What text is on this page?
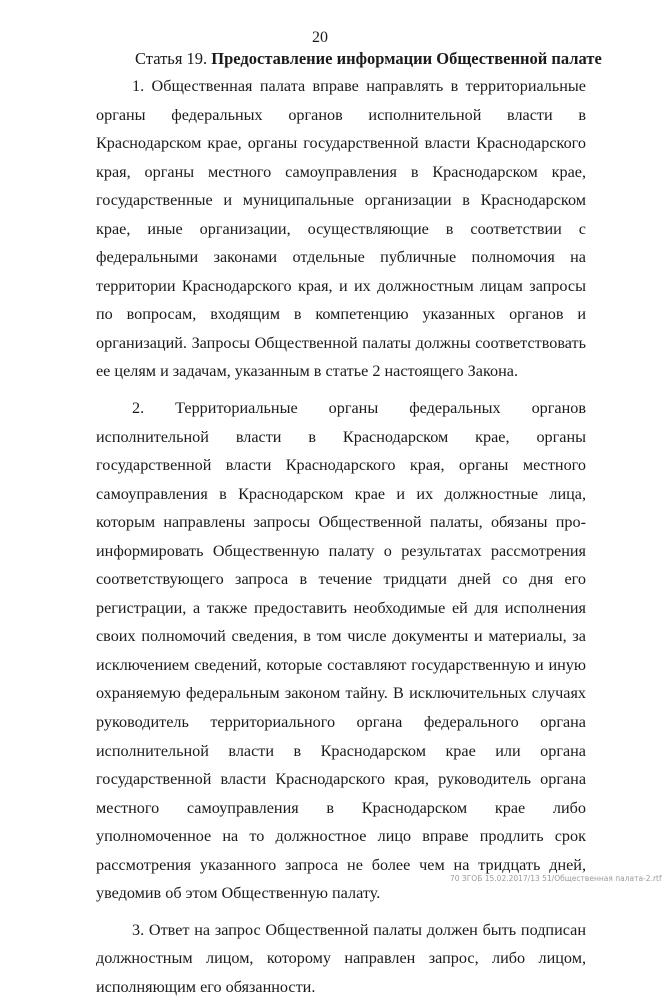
20
Статья 19. Предоставление информации Общественной палате

1. Общественная палата вправе направлять в территориальные органы федеральных органов исполнительной власти в Краснодарском крае, органы государственной власти Краснодарского края, органы местного самоуправления в Краснодарском крае, государственные и муниципальные организации в Краснодарском крае, иные организации, осуществляющие в соответствии с федеральными законами отдельные публичные полномочия на территории Краснодарского края, и их должностным лицам запросы по вопросам, входящим в компетенцию указанных органов и организаций. Запросы Общественной палаты должны соответствовать ее целям и задачам, указанным в статье 2 настоящего Закона.

2. Территориальные органы федеральных органов исполнительной власти в Краснодарском крае, органы государственной власти Краснодарского края, органы местного самоуправления в Краснодарском крае и их должностные лица, которым направлены запросы Общественной палаты, обязаны проинформировать Общественную палату о результатах рассмотрения соответствующего запроса в течение тридцати дней со дня его регистрации, а также предоставить необходимые ей для исполнения своих полномочий сведения, в том числе документы и материалы, за исключением сведений, которые составляют государственную и иную охраняемую федеральным законом тайну. В исключительных случаях руководитель территориального органа федерального органа исполнительной власти в Краснодарском крае или органа государственной власти Краснодарского края, руководитель органа местного самоуправления в Краснодарском крае либо уполномоченное на то должностное лицо вправе продлить срок рассмотрения указанного запроса не более чем на тридцать дней, уведомив об этом Общественную палату.

3. Ответ на запрос Общественной палаты должен быть подписан должностным лицом, которому направлен запрос, либо лицом, исполняющим его обязанности.

70 ЗГОБ 15.02.2017/13 51/Общественная палата-2.rtf
